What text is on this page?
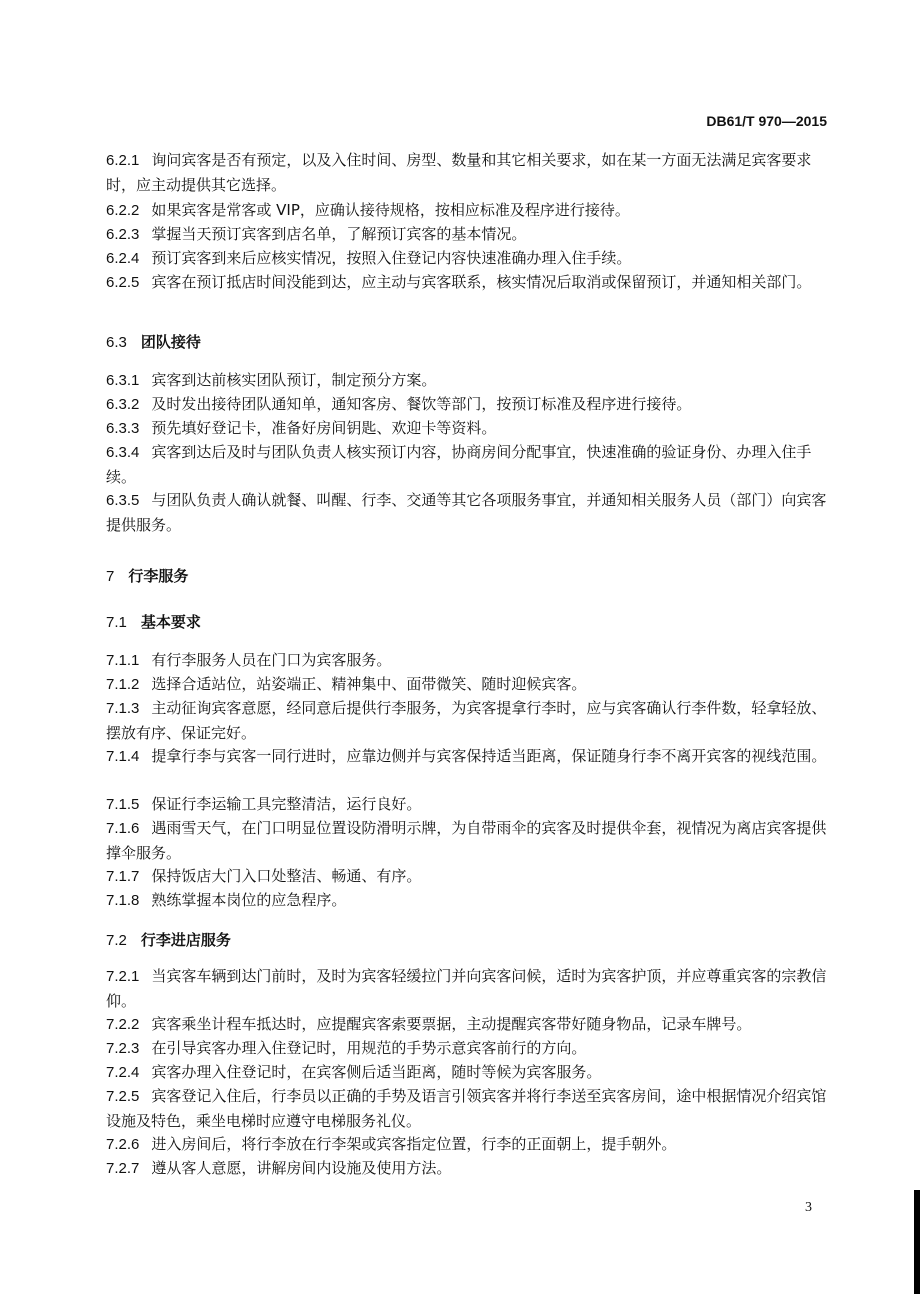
DB61/T 970—2015

6.2.1 询问宾客是否有预定，以及入住时间、房型、数量和其它相关要求，如在某一方面无法满足宾客要求时，应主动提供其它选择。

6.2.2 如果宾客是常客或 VIP，应确认接待规格，按相应标准及程序进行接待。

6.2.3 掌握当天预订宾客到店名单，了解预订宾客的基本情况。

6.2.4 预订宾客到来后应核实情况，按照入住登记内容快速准确办理入住手续。

6.2.5 宾客在预订抵店时间没能到达，应主动与宾客联系，核实情况后取消或保留预订，并通知相关部门。

6.3 团队接待

6.3.1 宾客到达前核实团队预订，制定预分方案。

6.3.2 及时发出接待团队通知单，通知客房、餐饮等部门，按预订标准及程序进行接待。

6.3.3 预先填好登记卡，准备好房间钥匙、欢迎卡等资料。

6.3.4 宾客到达后及时与团队负责人核实预订内容，协商房间分配事宜，快速准确的验证身份、办理入住手续。

6.3.5 与团队负责人确认就餐、叫醒、行李、交通等其它各项服务事宜，并通知相关服务人员（部门）向宾客提供服务。

7 行李服务

7.1 基本要求

7.1.1 有行李服务人员在门口为宾客服务。

7.1.2 选择合适站位，站姿端正、精神集中、面带微笑、随时迎候宾客。

7.1.3 主动征询宾客意愿，经同意后提供行李服务，为宾客提拿行李时，应与宾客确认行李件数，轻拿轻放、摆放有序、保证完好。

7.1.4 提拿行李与宾客一同行进时，应靠边侧并与宾客保持适当距离，保证随身行李不离开宾客的视线范围。

7.1.5 保证行李运输工具完整清洁，运行良好。

7.1.6 遇雨雪天气，在门口明显位置设防滑明示牌，为自带雨伞的宾客及时提供伞套，视情况为离店宾客提供撑伞服务。

7.1.7 保持饭店大门入口处整洁、畅通、有序。

7.1.8 熟练掌握本岗位的应急程序。

7.2 行李进店服务

7.2.1 当宾客车辆到达门前时，及时为宾客轻缓拉门并向宾客问候，适时为宾客护顶，并应尊重宾客的宗教信仰。

7.2.2 宾客乘坐计程车抵达时，应提醒宾客索要票据，主动提醒宾客带好随身物品，记录车牌号。

7.2.3 在引导宾客办理入住登记时，用规范的手势示意宾客前行的方向。

7.2.4 宾客办理入住登记时，在宾客侧后适当距离，随时等候为宾客服务。

7.2.5 宾客登记入住后，行李员以正确的手势及语言引领宾客并将行李送至宾客房间，途中根据情况介绍宾馆设施及特色，乘坐电梯时应遵守电梯服务礼仪。

7.2.6 进入房间后，将行李放在行李架或宾客指定位置，行李的正面朝上，提手朝外。

7.2.7 遵从客人意愿，讲解房间内设施及使用方法。

3
